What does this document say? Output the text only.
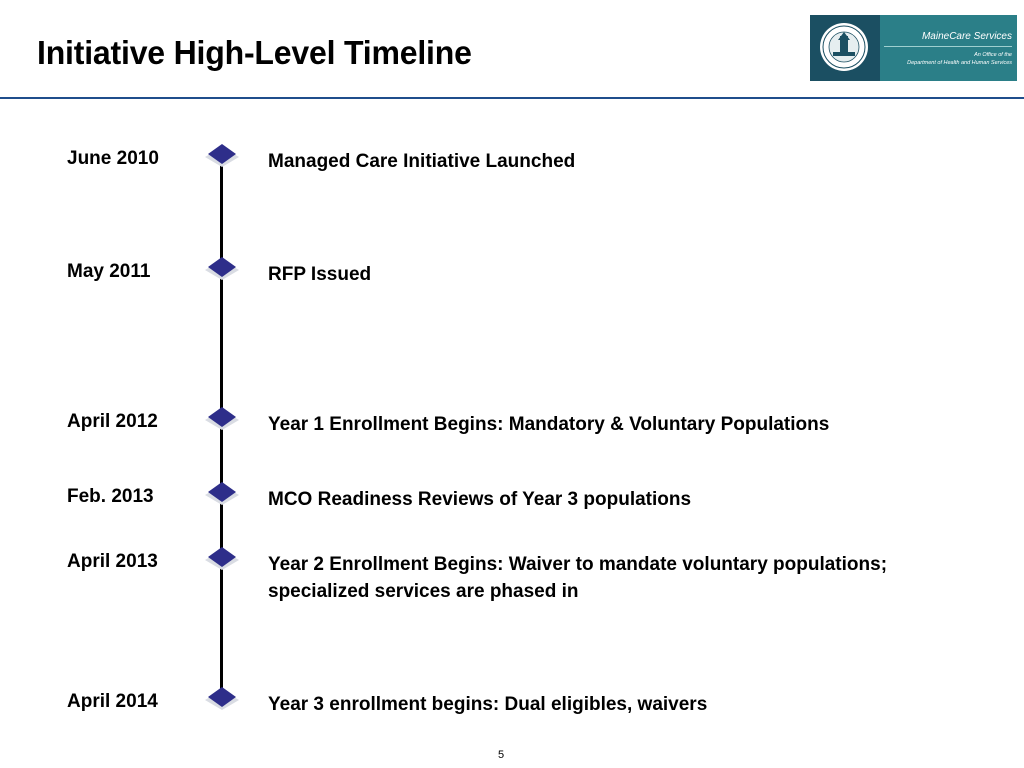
Initiative High-Level Timeline	MaineCare Services
An Office of the
Department of Health and Human Services
June 2010	Managed Care Initiative Launched
May 2011	RFP Issued
April 2012	Year 1 Enrollment Begins: Mandatory & Voluntary Populations
Feb. 2013	MCO Readiness Reviews of Year 3 populations
April 2013	Year 2 Enrollment Begins: Waiver to mandate voluntary populations; specialized services are phased in
April 2014	Year 3 enrollment begins: Dual eligibles, waivers
5
